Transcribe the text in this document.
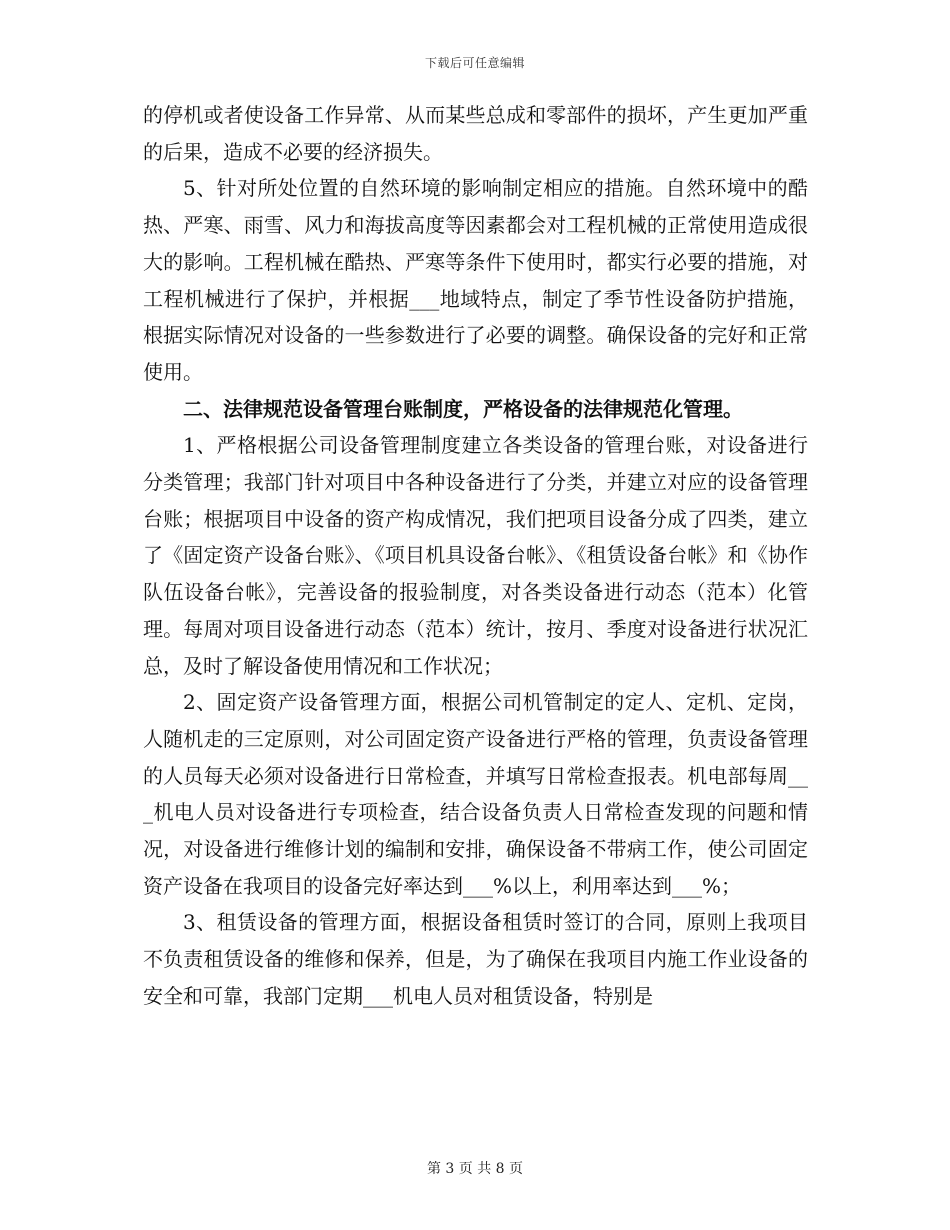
下载后可任意编辑

的停机或者使设备工作异常、从而某些总成和零部件的损坏，产生更加严重的后果，造成不必要的经济损失。

5、针对所处位置的自然环境的影响制定相应的措施。自然环境中的酷热、严寒、雨雪、风力和海拔高度等因素都会对工程机械的正常使用造成很大的影响。工程机械在酷热、严寒等条件下使用时，都实行必要的措施，对工程机械进行了保护，并根据___地域特点，制定了季节性设备防护措施，根据实际情况对设备的一些参数进行了必要的调整。确保设备的完好和正常使用。

二、法律规范设备管理台账制度，严格设备的法律规范化管理。

1、严格根据公司设备管理制度建立各类设备的管理台账，对设备进行分类管理；我部门针对项目中各种设备进行了分类，并建立对应的设备管理台账；根据项目中设备的资产构成情况，我们把项目设备分成了四类，建立了《固定资产设备台账》、《项目机具设备台帐》、《租赁设备台帐》和《协作队伍设备台帐》，完善设备的报验制度，对各类设备进行动态（范本）化管理。每周对项目设备进行动态（范本）统计，按月、季度对设备进行状况汇总，及时了解设备使用情况和工作状况；

2、固定资产设备管理方面，根据公司机管制定的定人、定机、定岗，人随机走的三定原则，对公司固定资产设备进行严格的管理，负责设备管理的人员每天必须对设备进行日常检查，并填写日常检查报表。机电部每周___机电人员对设备进行专项检查，结合设备负责人日常检查发现的问题和情况，对设备进行维修计划的编制和安排，确保设备不带病工作，使公司固定资产设备在我项目的设备完好率达到___%以上，利用率达到___%；

3、租赁设备的管理方面，根据设备租赁时签订的合同，原则上我项目不负责租赁设备的维修和保养，但是，为了确保在我项目内施工作业设备的安全和可靠，我部门定期___机电人员对租赁设备，特别是

第 3 页 共 8 页
